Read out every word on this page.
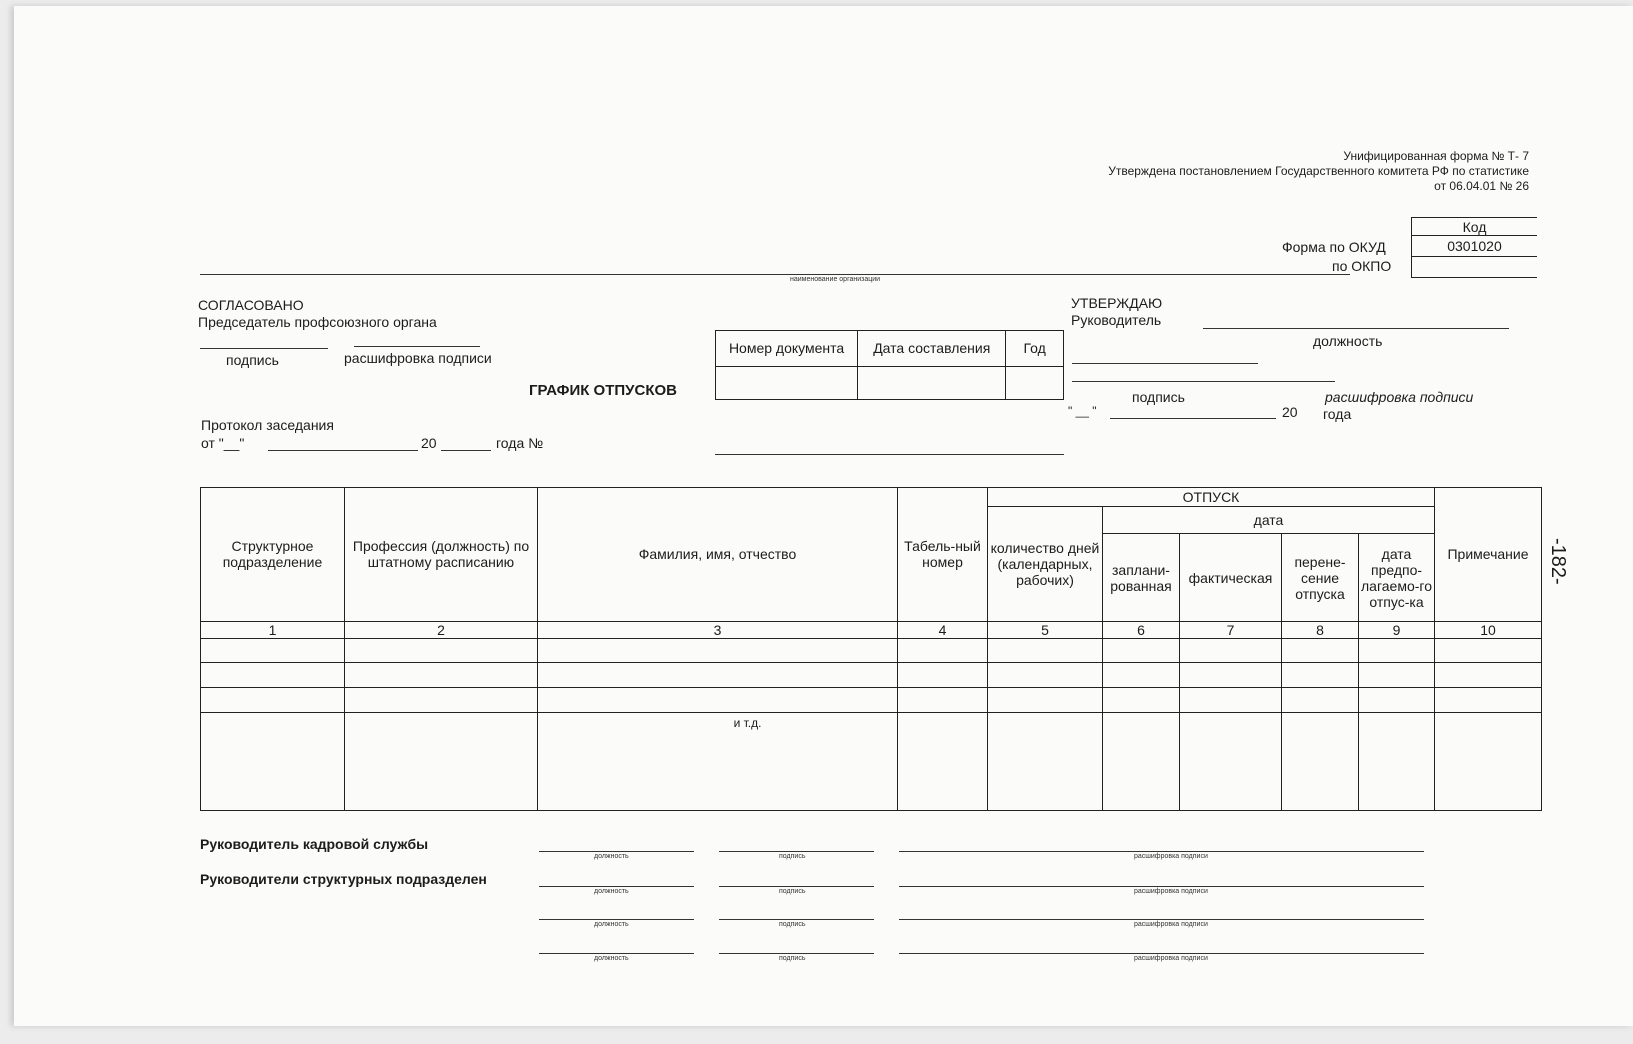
Унифицированная форма № Т- 7
Утверждена постановлением Государственного комитета РФ по статистике
от 06.04.01 № 26
Форма по ОКУД
по ОКПО
Код
0301020
наименование организации
СОГЛАСОВАНО
Председатель профсоюзного органа
подпись	расшифровка подписи
Протокол заседания
от "__"	20	года №
ГРАФИК ОТПУСКОВ
Номер документа	Дата составления	Год

УТВЕРЖДАЮ
Руководитель
должность
подпись	расшифровка подписи
" __ "	20 года
Структурное подразделение	Профессия (должность) по штатному расписанию	Фамилия, имя, отчество	Табель-ный номер	ОТПУСК					Примечание
				количество дней (календарных, рабочих)	дата				
					заплани-рованная	фактическая	перене-сение отпуска	дата предпо-лагаемо-го отпус-ка	
1	2	3	4	5	6	7	8	9	10

		и т.д.							
-182-
Руководитель кадровой службы
Руководители структурных подразделен
должность	подпись	расшифровка подписи
должность	подпись	расшифровка подписи
должность	подпись	расшифровка подписи
должность	подпись	расшифровка подписи
